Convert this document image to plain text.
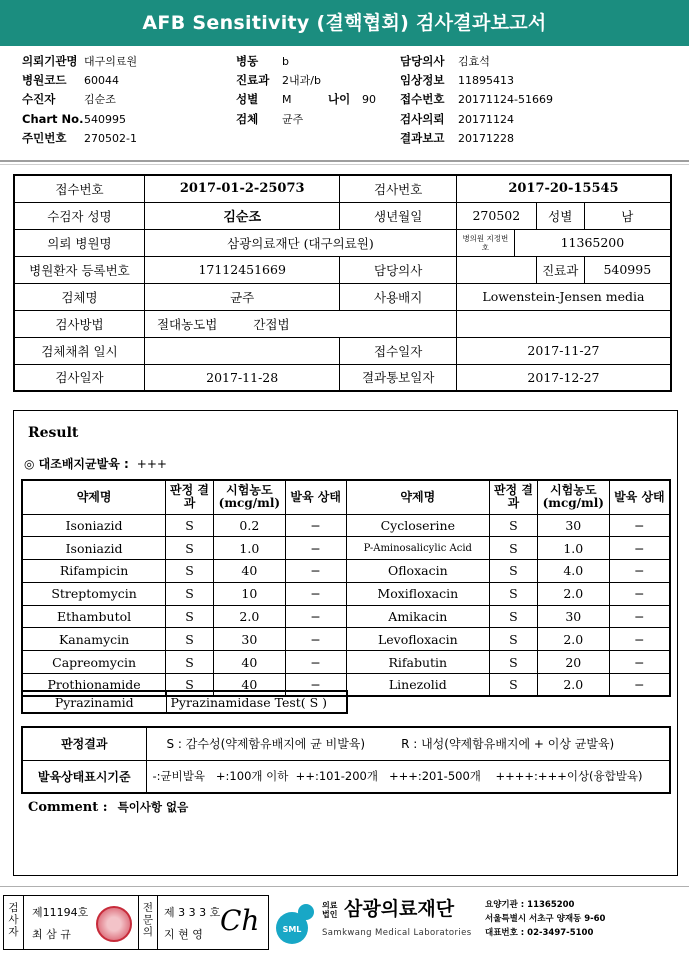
AFB Sensitivity (결핵협회) 검사결과보고서
의뢰기관명 대구의료원
병원코드 60044
수진자	김순조
Chart No.540995
주민번호 270502-1
병동 b
진료과 2내과/b
성별 M	나이 90
검체 균주
담당의사 김효석
임상정보 11895413
접수번호 20171124-51669
검사의뢰 20171124
결과보고 20171228
접수번호	2017-01-2-25073	검사번호	2017-20-15545			
수검자 성명	김순조	생년월일	270502		성별	남
의뢰 병원명	삼광의료재단 (대구의료원)		병의원 지정번호	11365200		
병원환자 등록번호	17112451669	담당의사			진료과	540995
검체명	균주	사용배지	Lowenstein-Jensen media			
검사방법	절대농도법 간접법					
검체채취 일시		접수일자	2017-11-27			
검사일자	2017-11-28	결과통보일자	2017-12-27			
Result
◎ 대조배지균발육 : +++
약제명	판정 결과	시험농도 (mcg/ml)	발육 상태	약제명	판정 결과	시험농도 (mcg/ml)	발육 상태
Isoniazid	S	0.2	−	Cycloserine	S	30	−
Isoniazid	S	1.0	−	P-Aminosalicylic Acid	S	1.0	−
Rifampicin	S	40	−	Ofloxacin	S	4.0	−
Streptomycin	S	10	−	Moxifloxacin	S	2.0	−
Ethambutol	S	2.0	−	Amikacin	S	30	−
Kanamycin	S	30	−	Levofloxacin	S	2.0	−
Capreomycin	S	40	−	Rifabutin	S	20	−
Prothionamide	S	40	−	Linezolid	S	2.0	−
Pyrazinamid	Pyrazinamidase Test( S )
판정결과	S : 감수성(약제함유배지에 균 비발육) R : 내성(약제함유배지에 + 이상 균발육)
발육상태표시기준	-:균비발육   +:100개 이하  ++:101-200개   +++:201-500개    ++++:+++이상(융합발육)
Comment : 특이사항 없음
검사자
제11194호
최 삼 규
전문의
제 3 3 3 호
지 현 영 Ch	SML
의료 법인 삼광의료재단
Samkwang Medical Laboratories
요양기관 : 11365200
서울특별시 서초구 양재동 9-60
대표번호 : 02-3497-5100
